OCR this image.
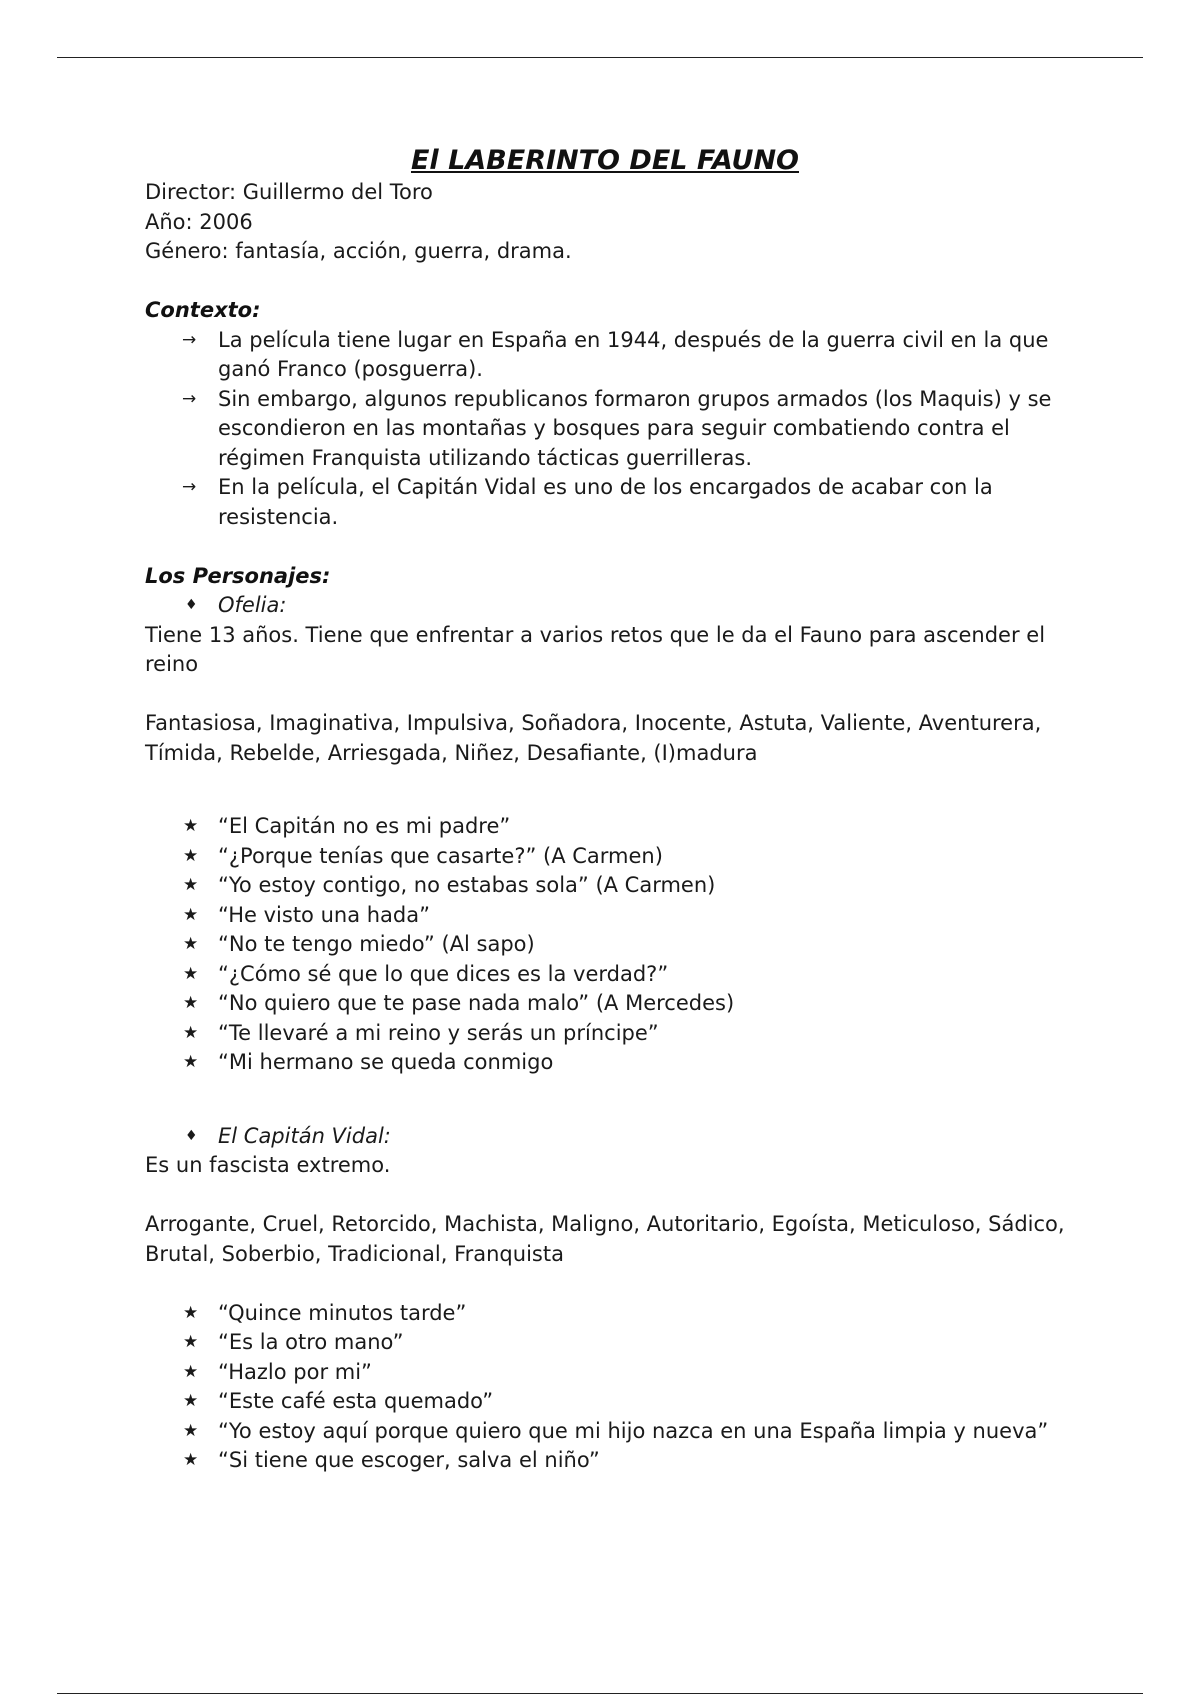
El LABERINTO DEL FAUNO

Director: Guillermo del Toro

Año: 2006

Género: fantasía, acción, guerra, drama.

Contexto:

→	La película tiene lugar en España en 1944, después de la guerra civil en la que ganó Franco (posguerra).
→	Sin embargo, algunos republicanos formaron grupos armados (los Maquis) y se escondieron en las montañas y bosques para seguir combatiendo contra el régimen Franquista utilizando tácticas guerrilleras.
→	En la película, el Capitán Vidal es uno de los encargados de acabar con la resistencia.

Los Personajes:

♦ Ofelia:

Tiene 13 años. Tiene que enfrentar a varios retos que le da el Fauno para ascender el reino

Fantasiosa, Imaginativa, Impulsiva, Soñadora, Inocente, Astuta, Valiente, Aventurera, Tímida, Rebelde, Arriesgada, Niñez, Desafiante, (I)madura

★ “El Capitán no es mi padre”
★ “¿Porque tenías que casarte?” (A Carmen)
★ “Yo estoy contigo, no estabas sola” (A Carmen)
★ “He visto una hada”
★ “No te tengo miedo” (Al sapo)
★ “¿Cómo sé que lo que dices es la verdad?”
★ “No quiero que te pase nada malo” (A Mercedes)
★ “Te llevaré a mi reino y serás un príncipe”
★ “Mi hermano se queda conmigo
♦ El Capitán Vidal:

Es un fascista extremo.

Arrogante, Cruel, Retorcido, Machista, Maligno, Autoritario, Egoísta, Meticuloso, Sádico, Brutal, Soberbio, Tradicional, Franquista

★ “Quince minutos tarde”
★ “Es la otro mano”
★ “Hazlo por mi”
★ “Este café esta quemado”
★ “Yo estoy aquí porque quiero que mi hijo nazca en una España limpia y nueva”
★ “Si tiene que escoger, salva el niño”
